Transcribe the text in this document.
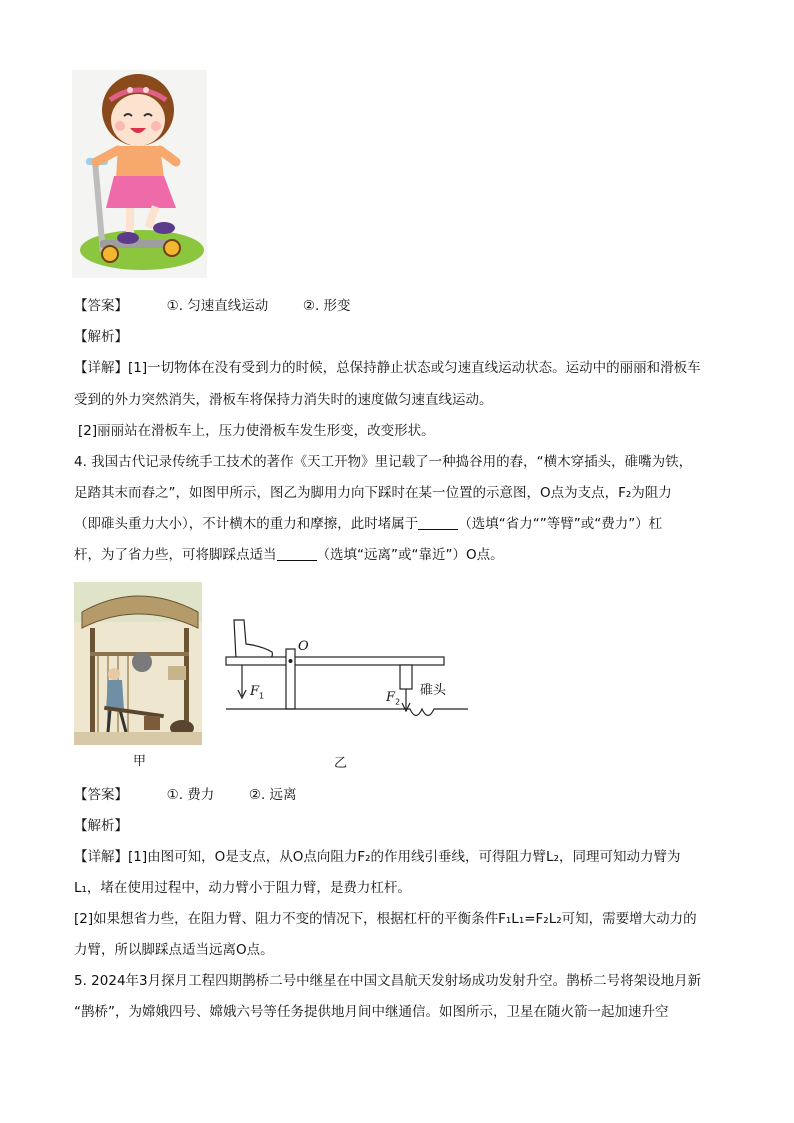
【答案】	①. 匀速直线运动	②. 形变
【解析】
【详解】[1]一切物体在没有受到力的时候，总保持静止状态或匀速直线运动状态。运动中的丽丽和滑板车
受到的外力突然消失，滑板车将保持力消失时的速度做匀速直线运动。
[2]丽丽站在滑板车上，压力使滑板车发生形变，改变形状。
4. 我国古代记录传统手工技术的著作《天工开物》里记载了一种捣谷用的舂，“横木穿插头，碓嘴为铁，
足踏其末而舂之”，如图甲所示，图乙为脚用力向下踩时在某一位置的示意图，O点为支点，F₂为阻力
（即碓头重力大小），不计横木的重力和摩擦，此时堵属于	（选填“省力“”等臂”或“费力”）杠
杆，为了省力些，可将脚踩点适当	（选填“远离”或“靠近”）O点。
甲
O
$F_1$	$F_2$
碓头
乙
【答案】	①. 费力	②. 远离
【解析】
【详解】[1]由图可知，O是支点，从O点向阻力F₂的作用线引垂线，可得阻力臂L₂，同理可知动力臂为
L₁，堵在使用过程中，动力臂小于阻力臂，是费力杠杆。
[2]如果想省力些，在阻力臂、阻力不变的情况下，根据杠杆的平衡条件F₁L₁=F₂L₂可知，需要增大动力的
力臂，所以脚踩点适当远离O点。
5. 2024年3月探月工程四期鹊桥二号中继星在中国文昌航天发射场成功发射升空。鹊桥二号将架设地月新
“鹊桥”，为嫦娥四号、嫦娥六号等任务提供地月间中继通信。如图所示，卫星在随火箭一起加速升空
